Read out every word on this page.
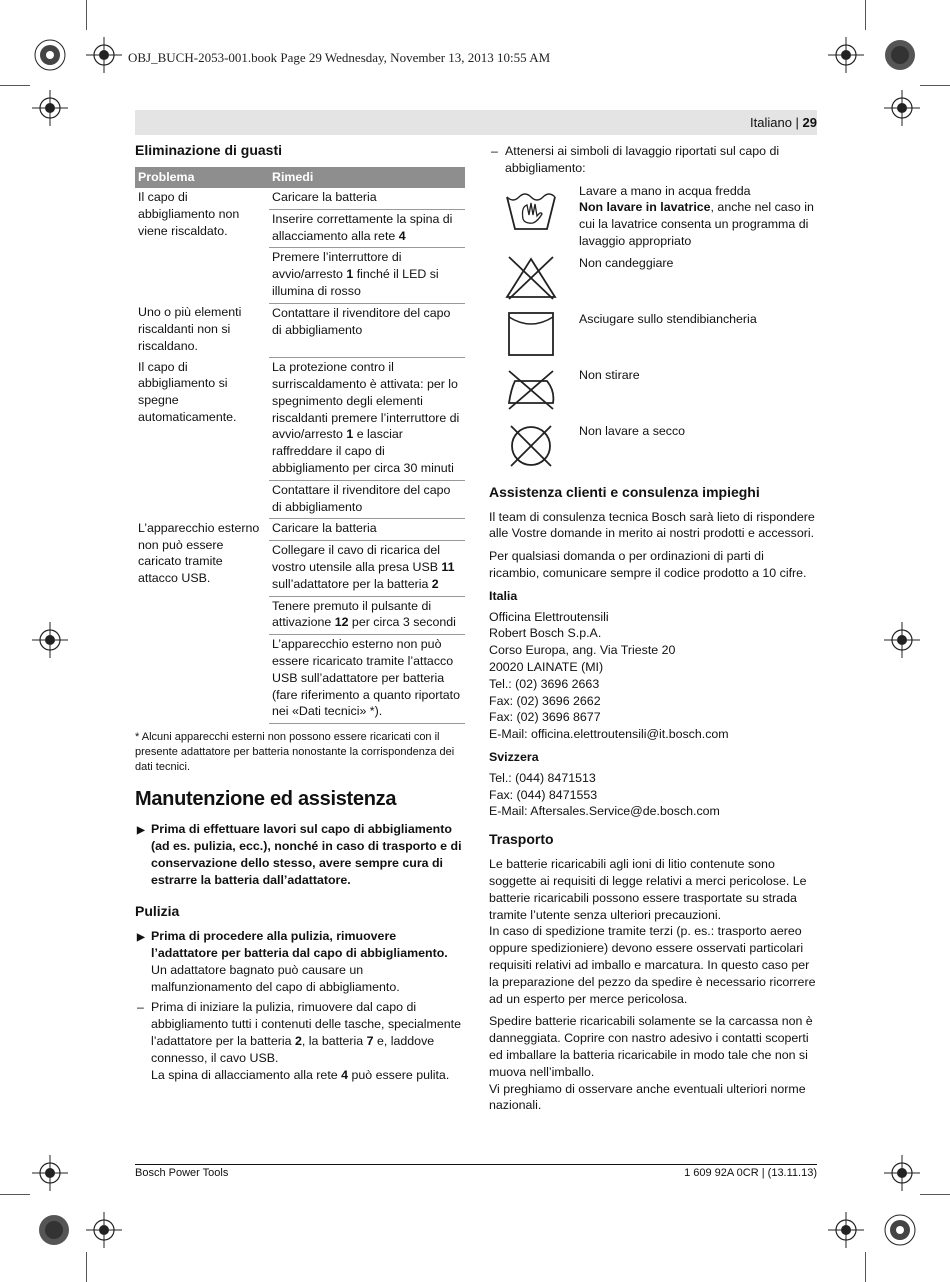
OBJ_BUCH-2053-001.book Page 29 Wednesday, November 13, 2013 10:55 AM
Italiano | 29
Eliminazione di guasti
Problema	Rimedi
Il capo di abbigliamento non viene riscaldato.	Caricare la batteria
	Inserire correttamente la spina di allacciamento alla rete 4
	Premere l’interruttore di avvio/arresto 1 finché il LED si illumina di rosso
Uno o più elementi riscaldanti non si riscaldano.	Contattare il rivenditore del capo di abbigliamento
Il capo di abbigliamento si spegne automaticamente.	La protezione contro il surriscaldamento è attivata: per lo spegnimento degli elementi riscaldanti premere l’interruttore di avvio/arresto 1 e lasciar raffreddare il capo di abbigliamento per circa 30 minuti
	Contattare il rivenditore del capo di abbigliamento
L’apparecchio esterno non può essere caricato tramite attacco USB.	Caricare la batteria
	Collegare il cavo di ricarica del vostro utensile alla presa USB 11 sull’adattatore per la batteria 2
	Tenere premuto il pulsante di attivazione 12 per circa 3 secondi
	L’apparecchio esterno non può essere ricaricato tramite l’attacco USB sull’adattatore per batteria (fare riferimento a quanto riportato nei «Dati tecnici» *).
* Alcuni apparecchi esterni non possono essere ricaricati con il presente adattatore per batteria nonostante la corrispondenza dei dati tecnici.
Manutenzione ed assistenza
▶ Prima di effettuare lavori sul capo di abbigliamento (ad es. pulizia, ecc.), nonché in caso di trasporto e di conservazione dello stesso, avere sempre cura di estrarre la batteria dall’adattatore.
Pulizia
▶ Prima di procedere alla pulizia, rimuovere l’adattatore per batteria dal capo di abbigliamento. Un adattatore bagnato può causare un malfunzionamento del capo di abbigliamento.
– Prima di iniziare la pulizia, rimuovere dal capo di abbigliamento tutti i contenuti delle tasche, specialmente l’adattatore per la batteria 2, la batteria 7 e, laddove connesso, il cavo USB.
La spina di allacciamento alla rete 4 può essere pulita.
– Attenersi ai simboli di lavaggio riportati sul capo di abbigliamento:
Lavare a mano in acqua fredda
Non lavare in lavatrice, anche nel caso in cui la lavatrice consenta un programma di lavaggio appropriato
Non candeggiare
Asciugare sullo stendibiancheria
Non stirare
Non lavare a secco
Assistenza clienti e consulenza impieghi

Il team di consulenza tecnica Bosch sarà lieto di rispondere alle Vostre domande in merito ai nostri prodotti e accessori.

Per qualsiasi domanda o per ordinazioni di parti di ricambio, comunicare sempre il codice prodotto a 10 cifre.

Italia
Officina Elettroutensili
Robert Bosch S.p.A.
Corso Europa, ang. Via Trieste 20
20020 LAINATE (MI)
Tel.: (02) 3696 2663
Fax: (02) 3696 2662
Fax: (02) 3696 8677
E-Mail: officina.elettroutensili@it.bosch.com
Svizzera
Tel.: (044) 8471513
Fax: (044) 8471553
E-Mail: Aftersales.Service@de.bosch.com
Trasporto

Le batterie ricaricabili agli ioni di litio contenute sono soggette ai requisiti di legge relativi a merci pericolose. Le batterie ricaricabili possono essere trasportate su strada tramite l’utente senza ulteriori precauzioni.

In caso di spedizione tramite terzi (p. es.: trasporto aereo oppure spedizioniere) devono essere osservati particolari requisiti relativi ad imballo e marcatura. In questo caso per la preparazione del pezzo da spedire è necessario ricorrere ad un esperto per merce pericolosa.

Spedire batterie ricaricabili solamente se la carcassa non è danneggiata. Coprire con nastro adesivo i contatti scoperti ed imballare la batteria ricaricabile in modo tale che non si muova nell’imballo.

Vi preghiamo di osservare anche eventuali ulteriori norme nazionali.

Bosch Power Tools	1 609 92A 0CR | (13.11.13)
